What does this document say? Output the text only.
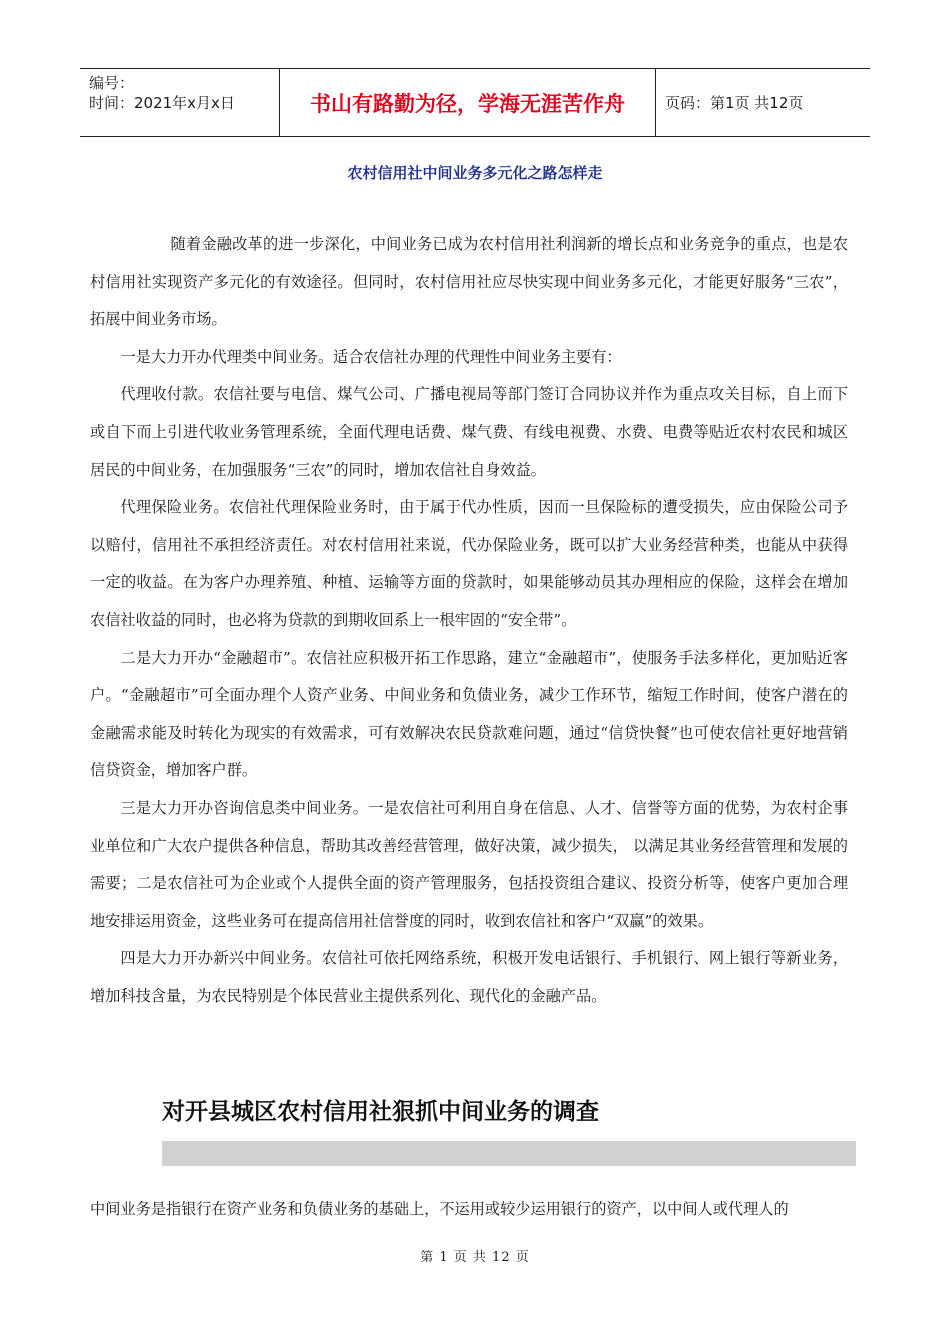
编号：
时间：2021年x月x日	书山有路勤为径，学海无涯苦作舟	页码：第1页 共12页
农村信用社中间业务多元化之路怎样走

随着金融改革的进一步深化，中间业务已成为农村信用社利润新的增长点和业务竞争的重点，也是农村信用社实现资产多元化的有效途径。但同时，农村信用社应尽快实现中间业务多元化，才能更好服务“三农”，拓展中间业务市场。

一是大力开办代理类中间业务。适合农信社办理的代理性中间业务主要有：

代理收付款。农信社要与电信、煤气公司、广播电视局等部门签订合同协议并作为重点攻关目标，自上而下或自下而上引进代收业务管理系统，全面代理电话费、煤气费、有线电视费、水费、电费等贴近农村农民和城区居民的中间业务，在加强服务“三农”的同时，增加农信社自身效益。

代理保险业务。农信社代理保险业务时，由于属于代办性质，因而一旦保险标的遭受损失，应由保险公司予以赔付，信用社不承担经济责任。对农村信用社来说，代办保险业务，既可以扩大业务经营种类，也能从中获得一定的收益。在为客户办理养殖、种植、运输等方面的贷款时，如果能够动员其办理相应的保险，这样会在增加农信社收益的同时，也必将为贷款的到期收回系上一根牢固的“安全带”。

二是大力开办“金融超市”。农信社应积极开拓工作思路，建立“金融超市”，使服务手法多样化，更加贴近客户。“金融超市”可全面办理个人资产业务、中间业务和负债业务，减少工作环节，缩短工作时间，使客户潜在的金融需求能及时转化为现实的有效需求，可有效解决农民贷款难问题，通过“信贷快餐”也可使农信社更好地营销信贷资金，增加客户群。

三是大力开办咨询信息类中间业务。一是农信社可利用自身在信息、人才、信誉等方面的优势，为农村企事业单位和广大农户提供各种信息，帮助其改善经营管理，做好决策，减少损失， 以满足其业务经营管理和发展的需要；二是农信社可为企业或个人提供全面的资产管理服务，包括投资组合建议、投资分析等，使客户更加合理地安排运用资金，这些业务可在提高信用社信誉度的同时，收到农信社和客户“双赢”的效果。

四是大力开办新兴中间业务。农信社可依托网络系统，积极开发电话银行、手机银行、网上银行等新业务，增加科技含量，为农民特别是个体民营业主提供系列化、现代化的金融产品。

对开县城区农村信用社狠抓中间业务的调查
中间业务是指银行在资产业务和负债业务的基础上，不运用或较少运用银行的资产，以中间人或代理人的
第 1 页 共 12 页
